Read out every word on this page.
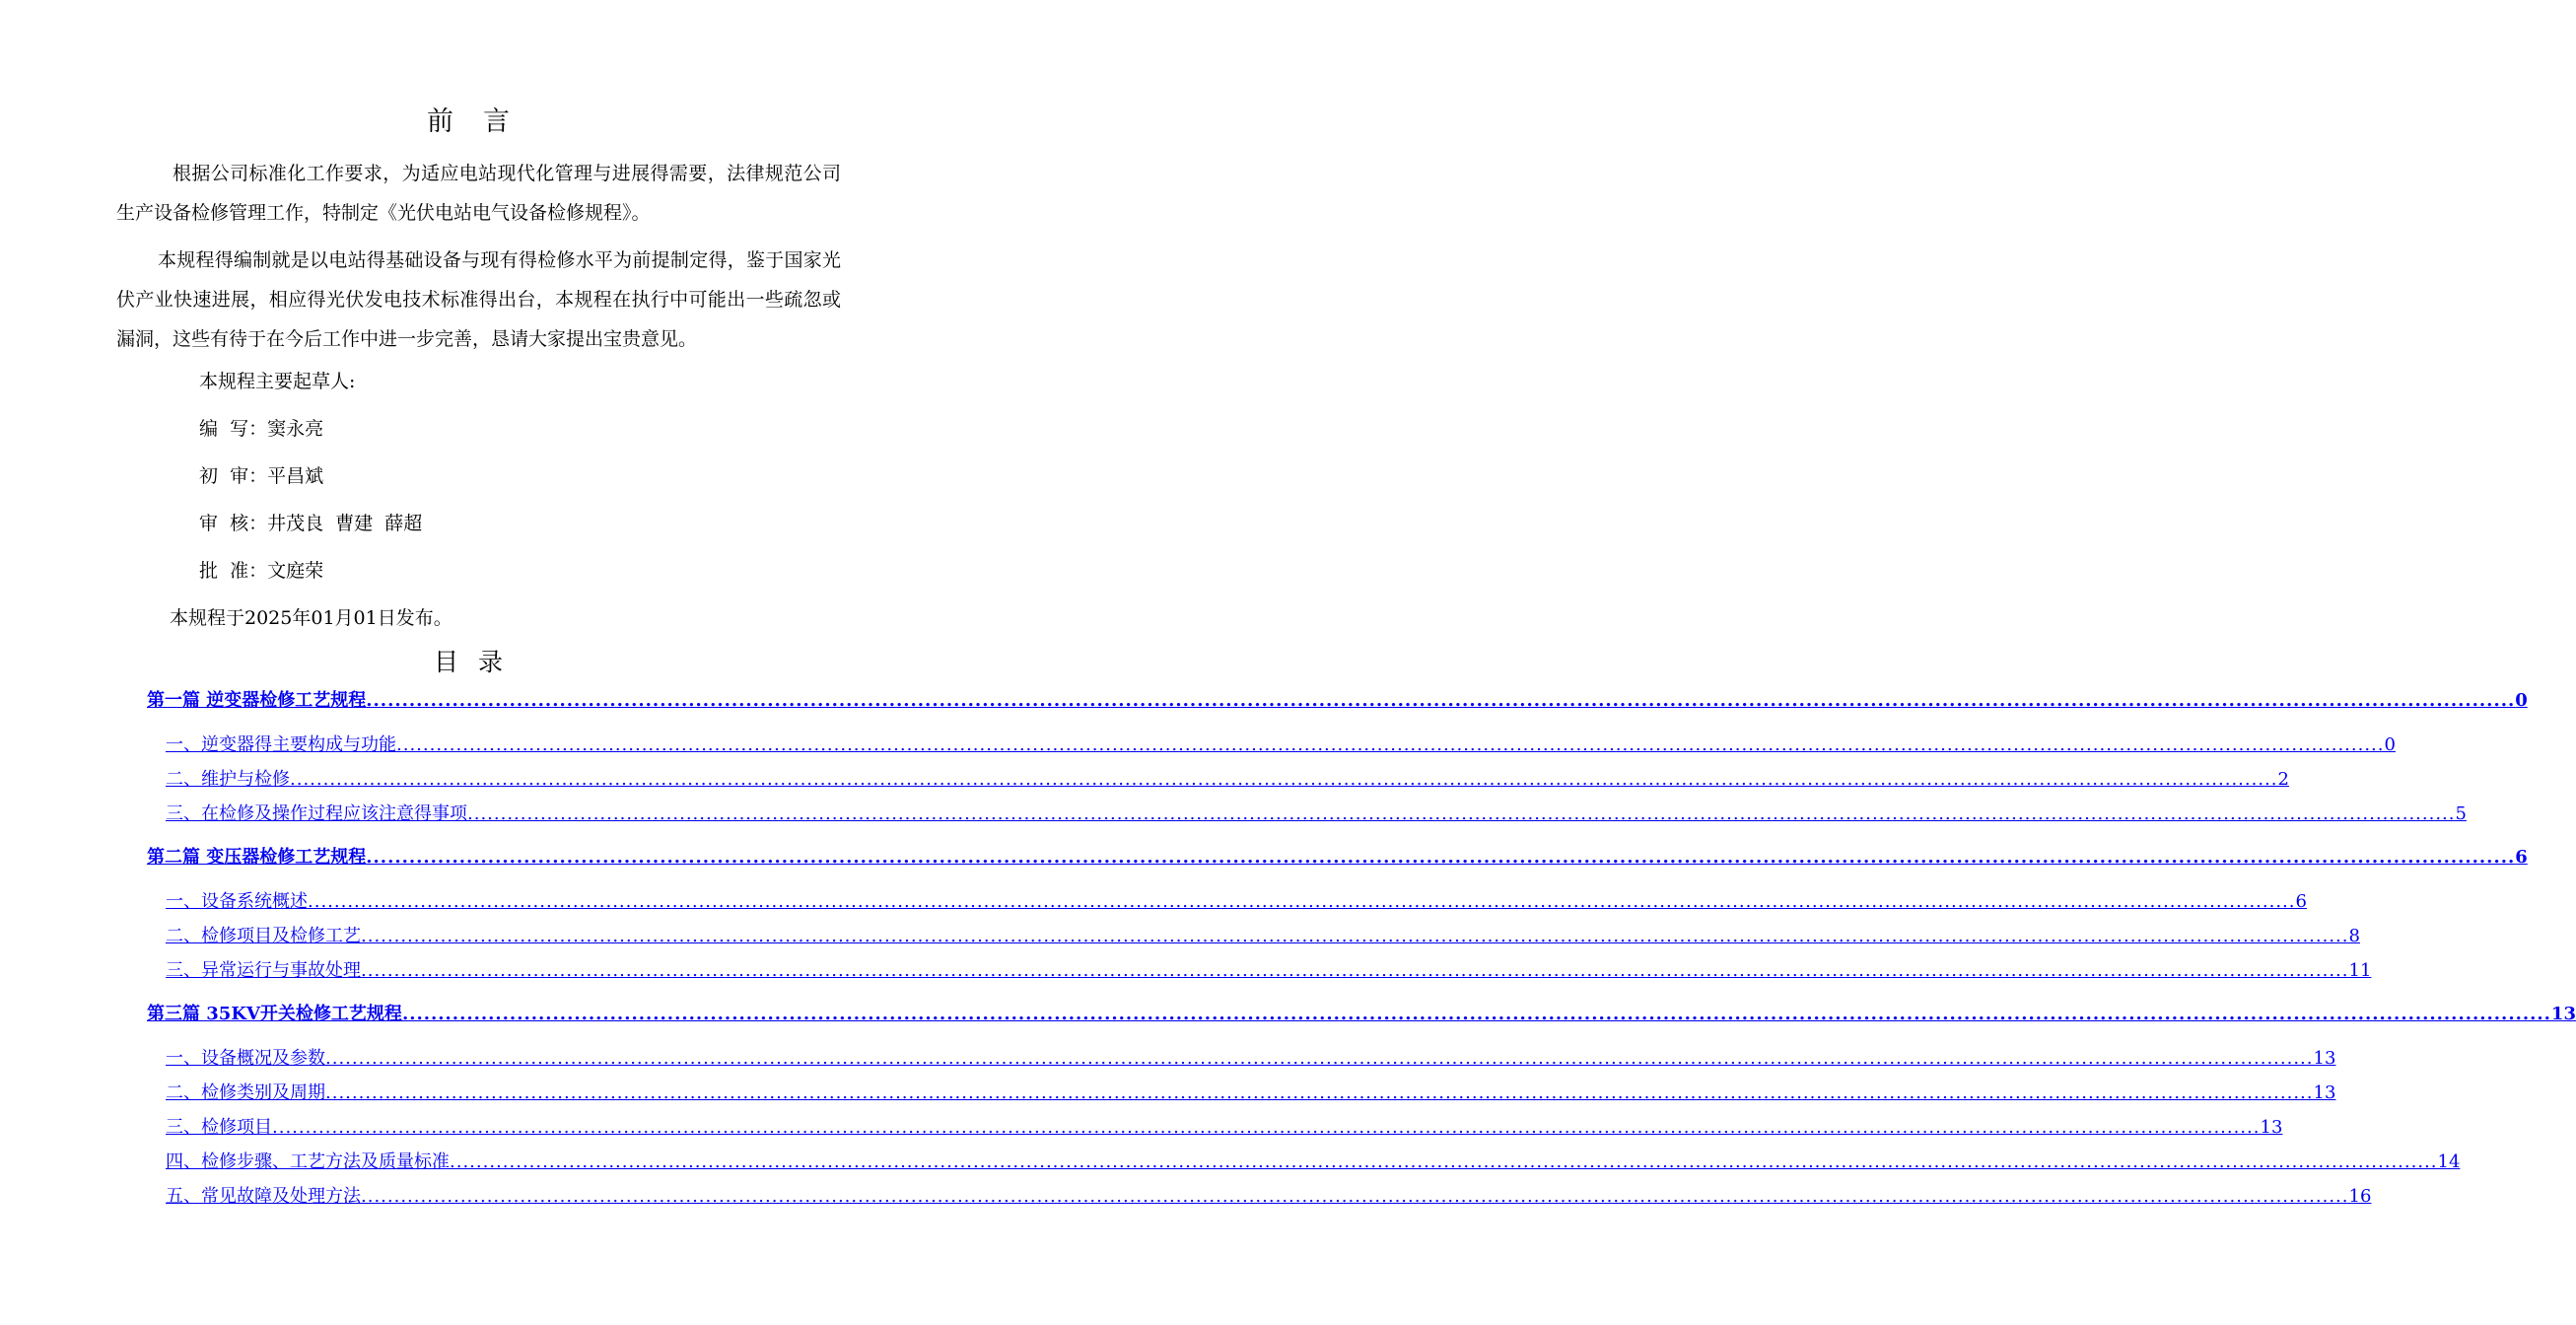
前言

根据公司标准化工作要求，为适应电站现代化管理与进展得需要，法律规范公司生产设备检修管理工作，特制定《光伏电站电气设备检修规程》。

本规程得编制就是以电站得基础设备与现有得检修水平为前提制定得，鉴于国家光伏产业快速进展，相应得光伏发电技术标准得出台，本规程在执行中可能出一些疏忽或漏洞，这些有待于在今后工作中进一步完善，恳请大家提出宝贵意见。

本规程主要起草人:
编  写：窦永亮
初  审：平昌斌
审  核：井茂良  曹建  薛超
批  准：文庭荣
本规程于2025年01月01日发布。
目录
第一篇 逆变器检修工艺规程 ............................................................................................................................................................................................................................................................................................................ 0
一、逆变器得主要构成与功能 ............................................................................................................................................................................................................................................................................................................ 0
二、维护与检修 ............................................................................................................................................................................................................................................................................................................ 2
三、在检修及操作过程应该注意得事项 ............................................................................................................................................................................................................................................................................................................ 5
第二篇 变压器检修工艺规程 ............................................................................................................................................................................................................................................................................................................ 6
一、设备系统概述 ............................................................................................................................................................................................................................................................................................................ 6
二、检修项目及检修工艺 ............................................................................................................................................................................................................................................................................................................ 8
三、异常运行与事故处理 ............................................................................................................................................................................................................................................................................................................ 11
第三篇 35KV开关检修工艺规程 ............................................................................................................................................................................................................................................................................................................ 13
一、设备概况及参数 ............................................................................................................................................................................................................................................................................................................ 13
二、检修类别及周期 ............................................................................................................................................................................................................................................................................................................ 13
三、检修项目 ............................................................................................................................................................................................................................................................................................................ 13
四、检修步骤、工艺方法及质量标准 ............................................................................................................................................................................................................................................................................................................ 14
五、常见故障及处理方法 ............................................................................................................................................................................................................................................................................................................ 16
